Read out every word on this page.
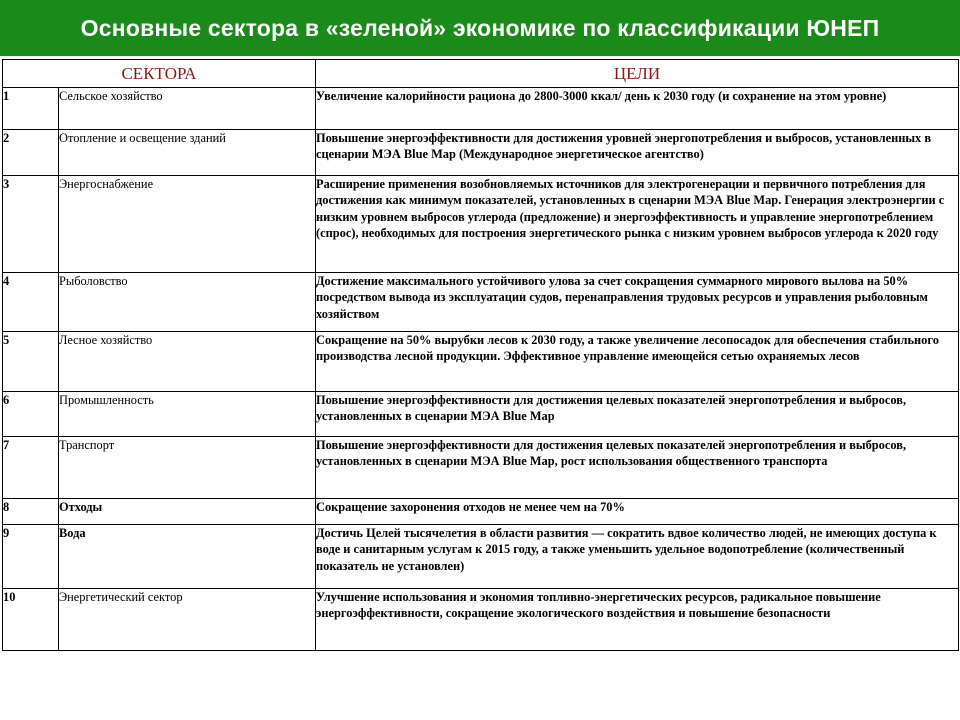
Основные сектора в «зеленой» экономике по классификации ЮНЕП
СЕКТОРА		ЦЕЛИ
1	Сельское хозяйство	Увеличение калорийности рациона до 2800-3000 ккал/ день к 2030 году (и сохранение на этом уровне)
2	Отопление и освещение зданий	Повышение энергоэффективности для достижения уровней энергопотребления и выбросов, установленных в сценарии МЭА Blue Map (Международное энергетическое агентство)
3	Энергоснабжение	Расширение применения возобновляемых источников для электрогенерации и первичного потребления для достижения как минимум показателей, установленных в сценарии МЭА Blue Map. Генерация электроэнергии с низким уровнем выбросов углерода (предложение) и энергоэффективность и управление энергопотреблением (спрос), необходимых для построения энергетического рынка с низким уровнем выбросов углерода к 2020 году
4	Рыболовство	Достижение максимального устойчивого улова за счет сокращения суммарного мирового вылова на 50% посредством вывода из эксплуатации судов, перенаправления трудовых ресурсов и управления рыболовным хозяйством
5	Лесное хозяйство	Сокращение на 50% вырубки лесов к 2030 году, а также увеличение лесопосадок для обеспечения стабильного производства лесной продукции. Эффективное управление имеющейся сетью охраняемых лесов
6	Промышленность	Повышение энергоэффективности для достижения целевых показателей энергопотребления и выбросов, установленных в сценарии МЭА Blue Map
7	Транспорт	Повышение энергоэффективности для достижения целевых показателей энергопотребления и выбросов, установленных в сценарии МЭА Blue Map, рост использования общественного транспорта
8	Отходы	Сокращение захоронения отходов не менее чем на 70%
9	Вода	Достичь Целей тысячелетия в области развития — сократить вдвое количество людей, не имеющих доступа к воде и санитарным услугам к 2015 году, а также уменьшить удельное водопотребление (количественный показатель не установлен)
10	Энергетический сектор	Улучшение использования и экономия топливно-энергетических ресурсов, радикальное повышение энергоэффективности, сокращение экологического воздействия и повышение безопасности
